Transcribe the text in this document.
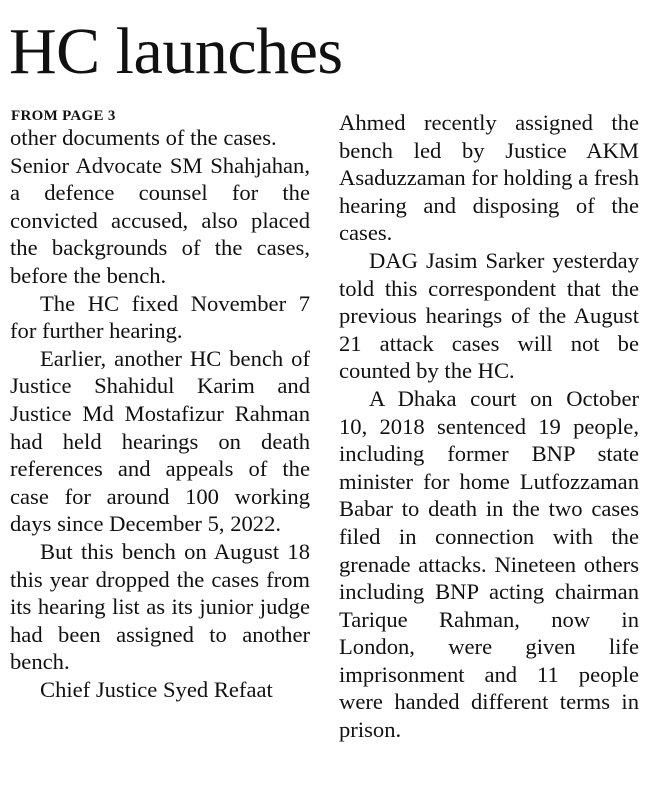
HC launches
FROM PAGE 3

other documents of the cases.

Senior Advocate SM Shahjahan, a defence counsel for the convicted accused, also placed the backgrounds of the cases, before the bench.

The HC fixed November 7 for further hearing.

Earlier, another HC bench of Justice Shahidul Karim and Justice Md Mostafizur Rahman had held hearings on death references and appeals of the case for around 100 working days since December 5, 2022.

But this bench on August 18 this year dropped the cases from its hearing list as its junior judge had been assigned to another bench.

Chief Justice Syed Refaat

Ahmed recently assigned the bench led by Justice AKM Asaduzzaman for holding a fresh hearing and disposing of the cases.

DAG Jasim Sarker yesterday told this correspondent that the previous hearings of the August 21 attack cases will not be counted by the HC.

A Dhaka court on October 10, 2018 sentenced 19 people, including former BNP state minister for home Lutfozzaman Babar to death in the two cases filed in connection with the grenade attacks. Nineteen others including BNP acting chairman Tarique Rahman, now in London, were given life imprisonment and 11 people were handed different terms in prison.
